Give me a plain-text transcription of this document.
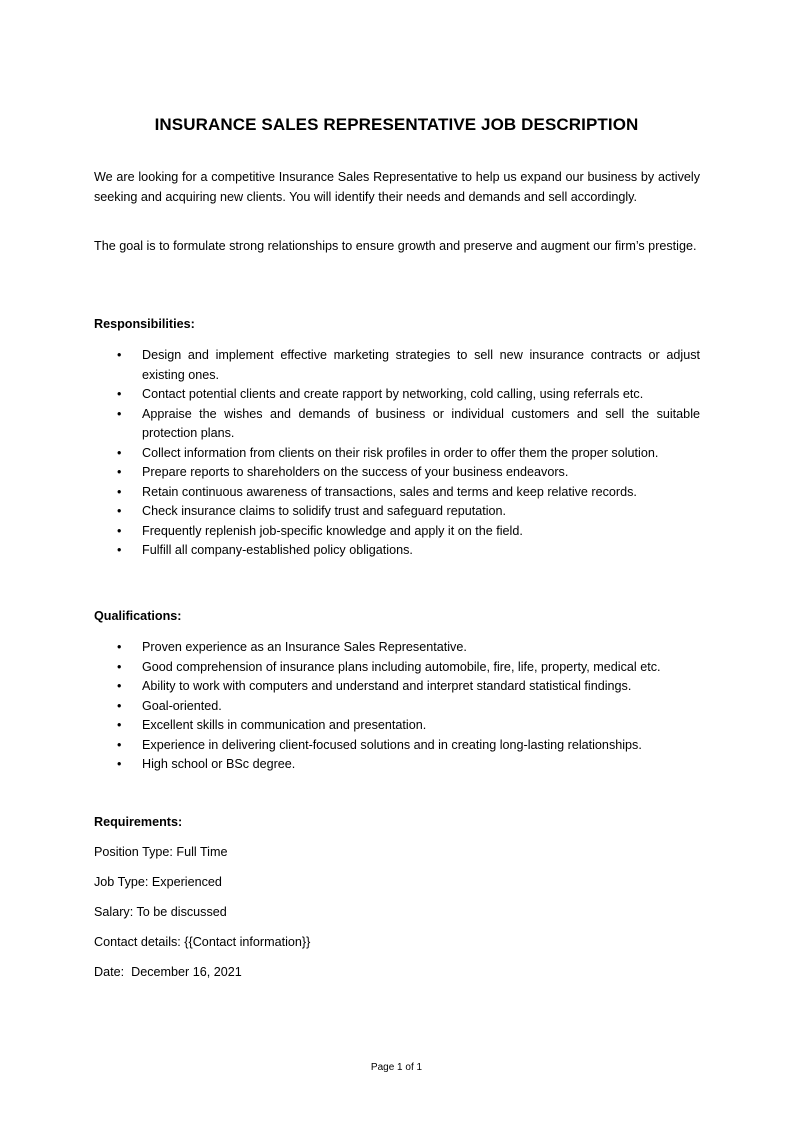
INSURANCE SALES REPRESENTATIVE JOB DESCRIPTION

We are looking for a competitive Insurance Sales Representative to help us expand our business by actively seeking and acquiring new clients. You will identify their needs and demands and sell accordingly.

The goal is to formulate strong relationships to ensure growth and preserve and augment our firm’s prestige.

Responsibilities:

• Design and implement effective marketing strategies to sell new insurance contracts or adjust existing ones.
• Contact potential clients and create rapport by networking, cold calling, using referrals etc.
• Appraise the wishes and demands of business or individual customers and sell the suitable protection plans.
• Collect information from clients on their risk profiles in order to offer them the proper solution.
• Prepare reports to shareholders on the success of your business endeavors.
• Retain continuous awareness of transactions, sales and terms and keep relative records.
• Check insurance claims to solidify trust and safeguard reputation.
• Frequently replenish job-specific knowledge and apply it on the field.
• Fulfill all company-established policy obligations.

Qualifications:

• Proven experience as an Insurance Sales Representative.
• Good comprehension of insurance plans including automobile, fire, life, property, medical etc.
• Ability to work with computers and understand and interpret standard statistical findings.
• Goal-oriented.
• Excellent skills in communication and presentation.
• Experience in delivering client-focused solutions and in creating long-lasting relationships.
• High school or BSc degree.

Requirements:

Position Type: Full Time

Job Type: Experienced

Salary: To be discussed

Contact details: {{Contact information}}

Date:  December 16, 2021

Page 1 of 1
